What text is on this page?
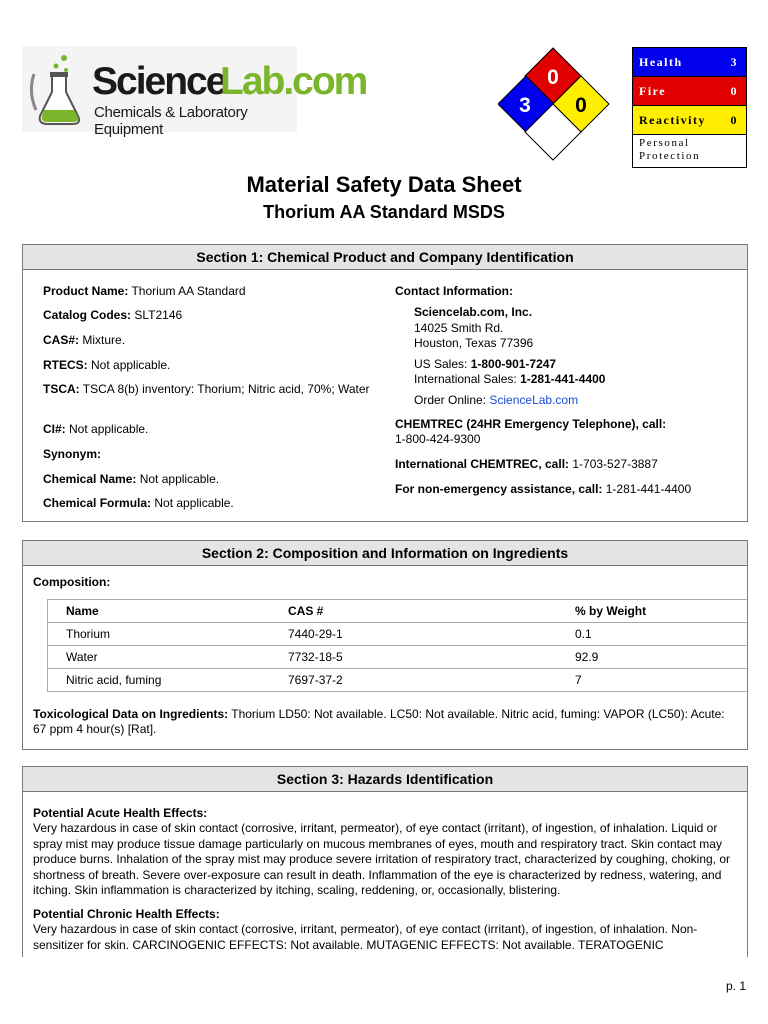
Science
Lab.com
Chemicals & Laboratory Equipment
0
3 0
Health	3
Fire	0
Reactivity 0
Personal Protection
Material Safety Data Sheet
Thorium AA Standard MSDS
Section 1: Chemical Product and Company Identification
Product Name: Thorium AA Standard
Catalog Codes: SLT2146
CAS#: Mixture.
RTECS: Not applicable.
TSCA: TSCA 8(b) inventory: Thorium; Nitric acid, 70%; Water
CI#: Not applicable.
Synonym:
Chemical Name: Not applicable.
Chemical Formula: Not applicable.
Contact Information:
Sciencelab.com, Inc.
14025 Smith Rd.
Houston, Texas 77396
US Sales: 1-800-901-7247
International Sales: 1-281-441-4400
Order Online: ScienceLab.com
CHEMTREC (24HR Emergency Telephone), call:
1-800-424-9300
International CHEMTREC, call: 1-703-527-3887
For non-emergency assistance, call: 1-281-441-4400
Section 2: Composition and Information on Ingredients
Composition:
	Name	CAS #	% by Weight
	Thorium	7440-29-1	0.1
	Water	7732-18-5	92.9
	Nitric acid, fuming	7697-37-2	7
Toxicological Data on Ingredients: Thorium LD50: Not available. LC50: Not available. Nitric acid, fuming: VAPOR (LC50): Acute: 67 ppm 4 hour(s) [Rat].
Section 3: Hazards Identification
Potential Acute Health Effects:
Very hazardous in case of skin contact (corrosive, irritant, permeator), of eye contact (irritant), of ingestion, of inhalation. Liquid or spray mist may produce tissue damage particularly on mucous membranes of eyes, mouth and respiratory tract. Skin contact may produce burns. Inhalation of the spray mist may produce severe irritation of respiratory tract, characterized by coughing, choking, or shortness of breath. Severe over-exposure can result in death. Inflammation of the eye is characterized by redness, watering, and itching. Skin inflammation is characterized by itching, scaling, reddening, or, occasionally, blistering.
Potential Chronic Health Effects:
Very hazardous in case of skin contact (corrosive, irritant, permeator), of eye contact (irritant), of ingestion, of inhalation. Non-sensitizer for skin. CARCINOGENIC EFFECTS: Not available. MUTAGENIC EFFECTS: Not available. TERATOGENIC
p. 1
